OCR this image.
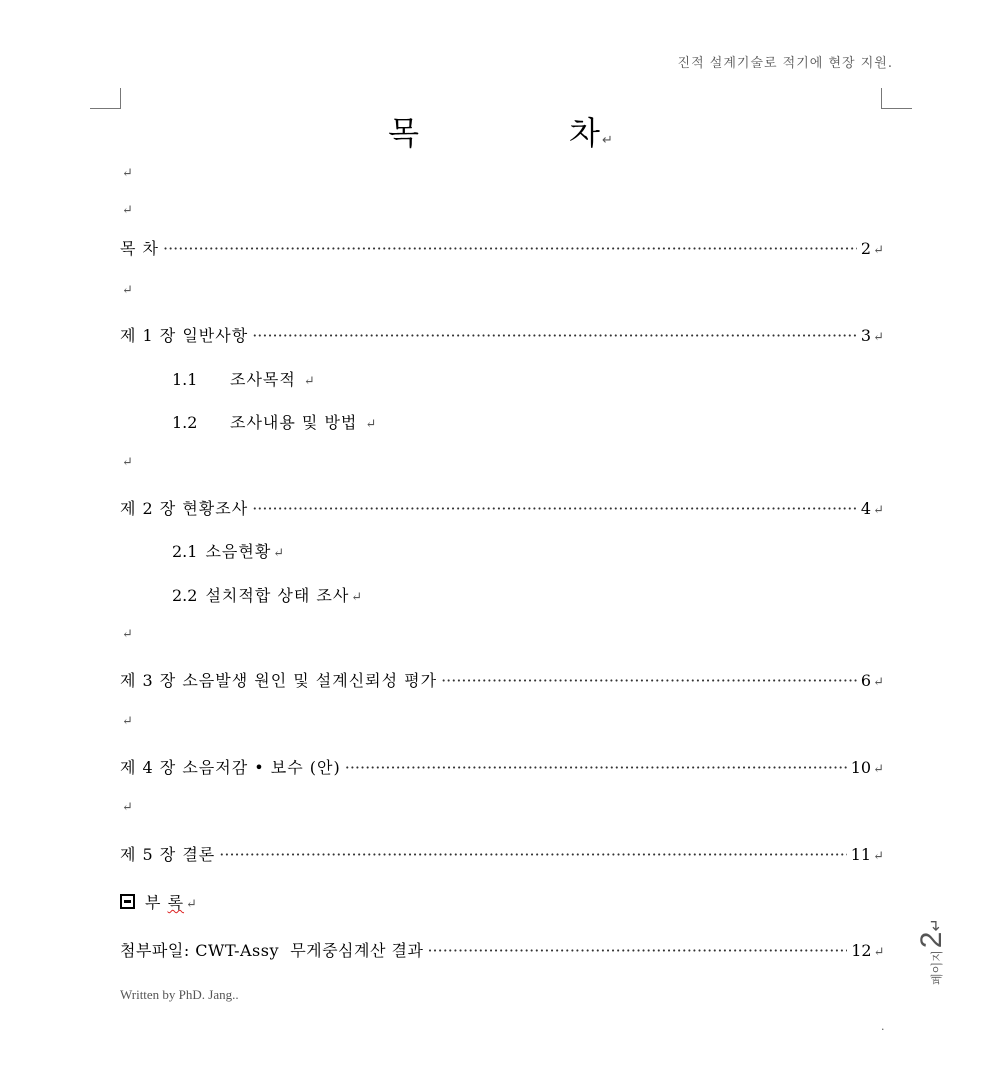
진적 설계기술로 적기에 현장 지원.
목	차 ↵
↵
↵
목 차 ·····	2 ↵
↵
제 1 장 일반사항 ·····	3 ↵
1.1 조사목적 ↵
1.2 조사내용 및 방법 ↵
↵
제 2 장 현황조사 ·····	4 ↵
2.1 소음현황 ↵
2.2 설치적합 상태 조사 ↵
↵
제 3 장 소음발생 원인 및 설계신뢰성 평가 ·····	6 ↵
↵
제 4 장 소음저감 • 보수 (안) ·····	10 ↵
↵
제 5 장 결론 ·····	11 ↵
부 록 ↵
첨부파일: CWT-Assy  무게중심계산 결과 ·····	12 ↵
Written by PhD. Jang..
페이지
2
↵
.
